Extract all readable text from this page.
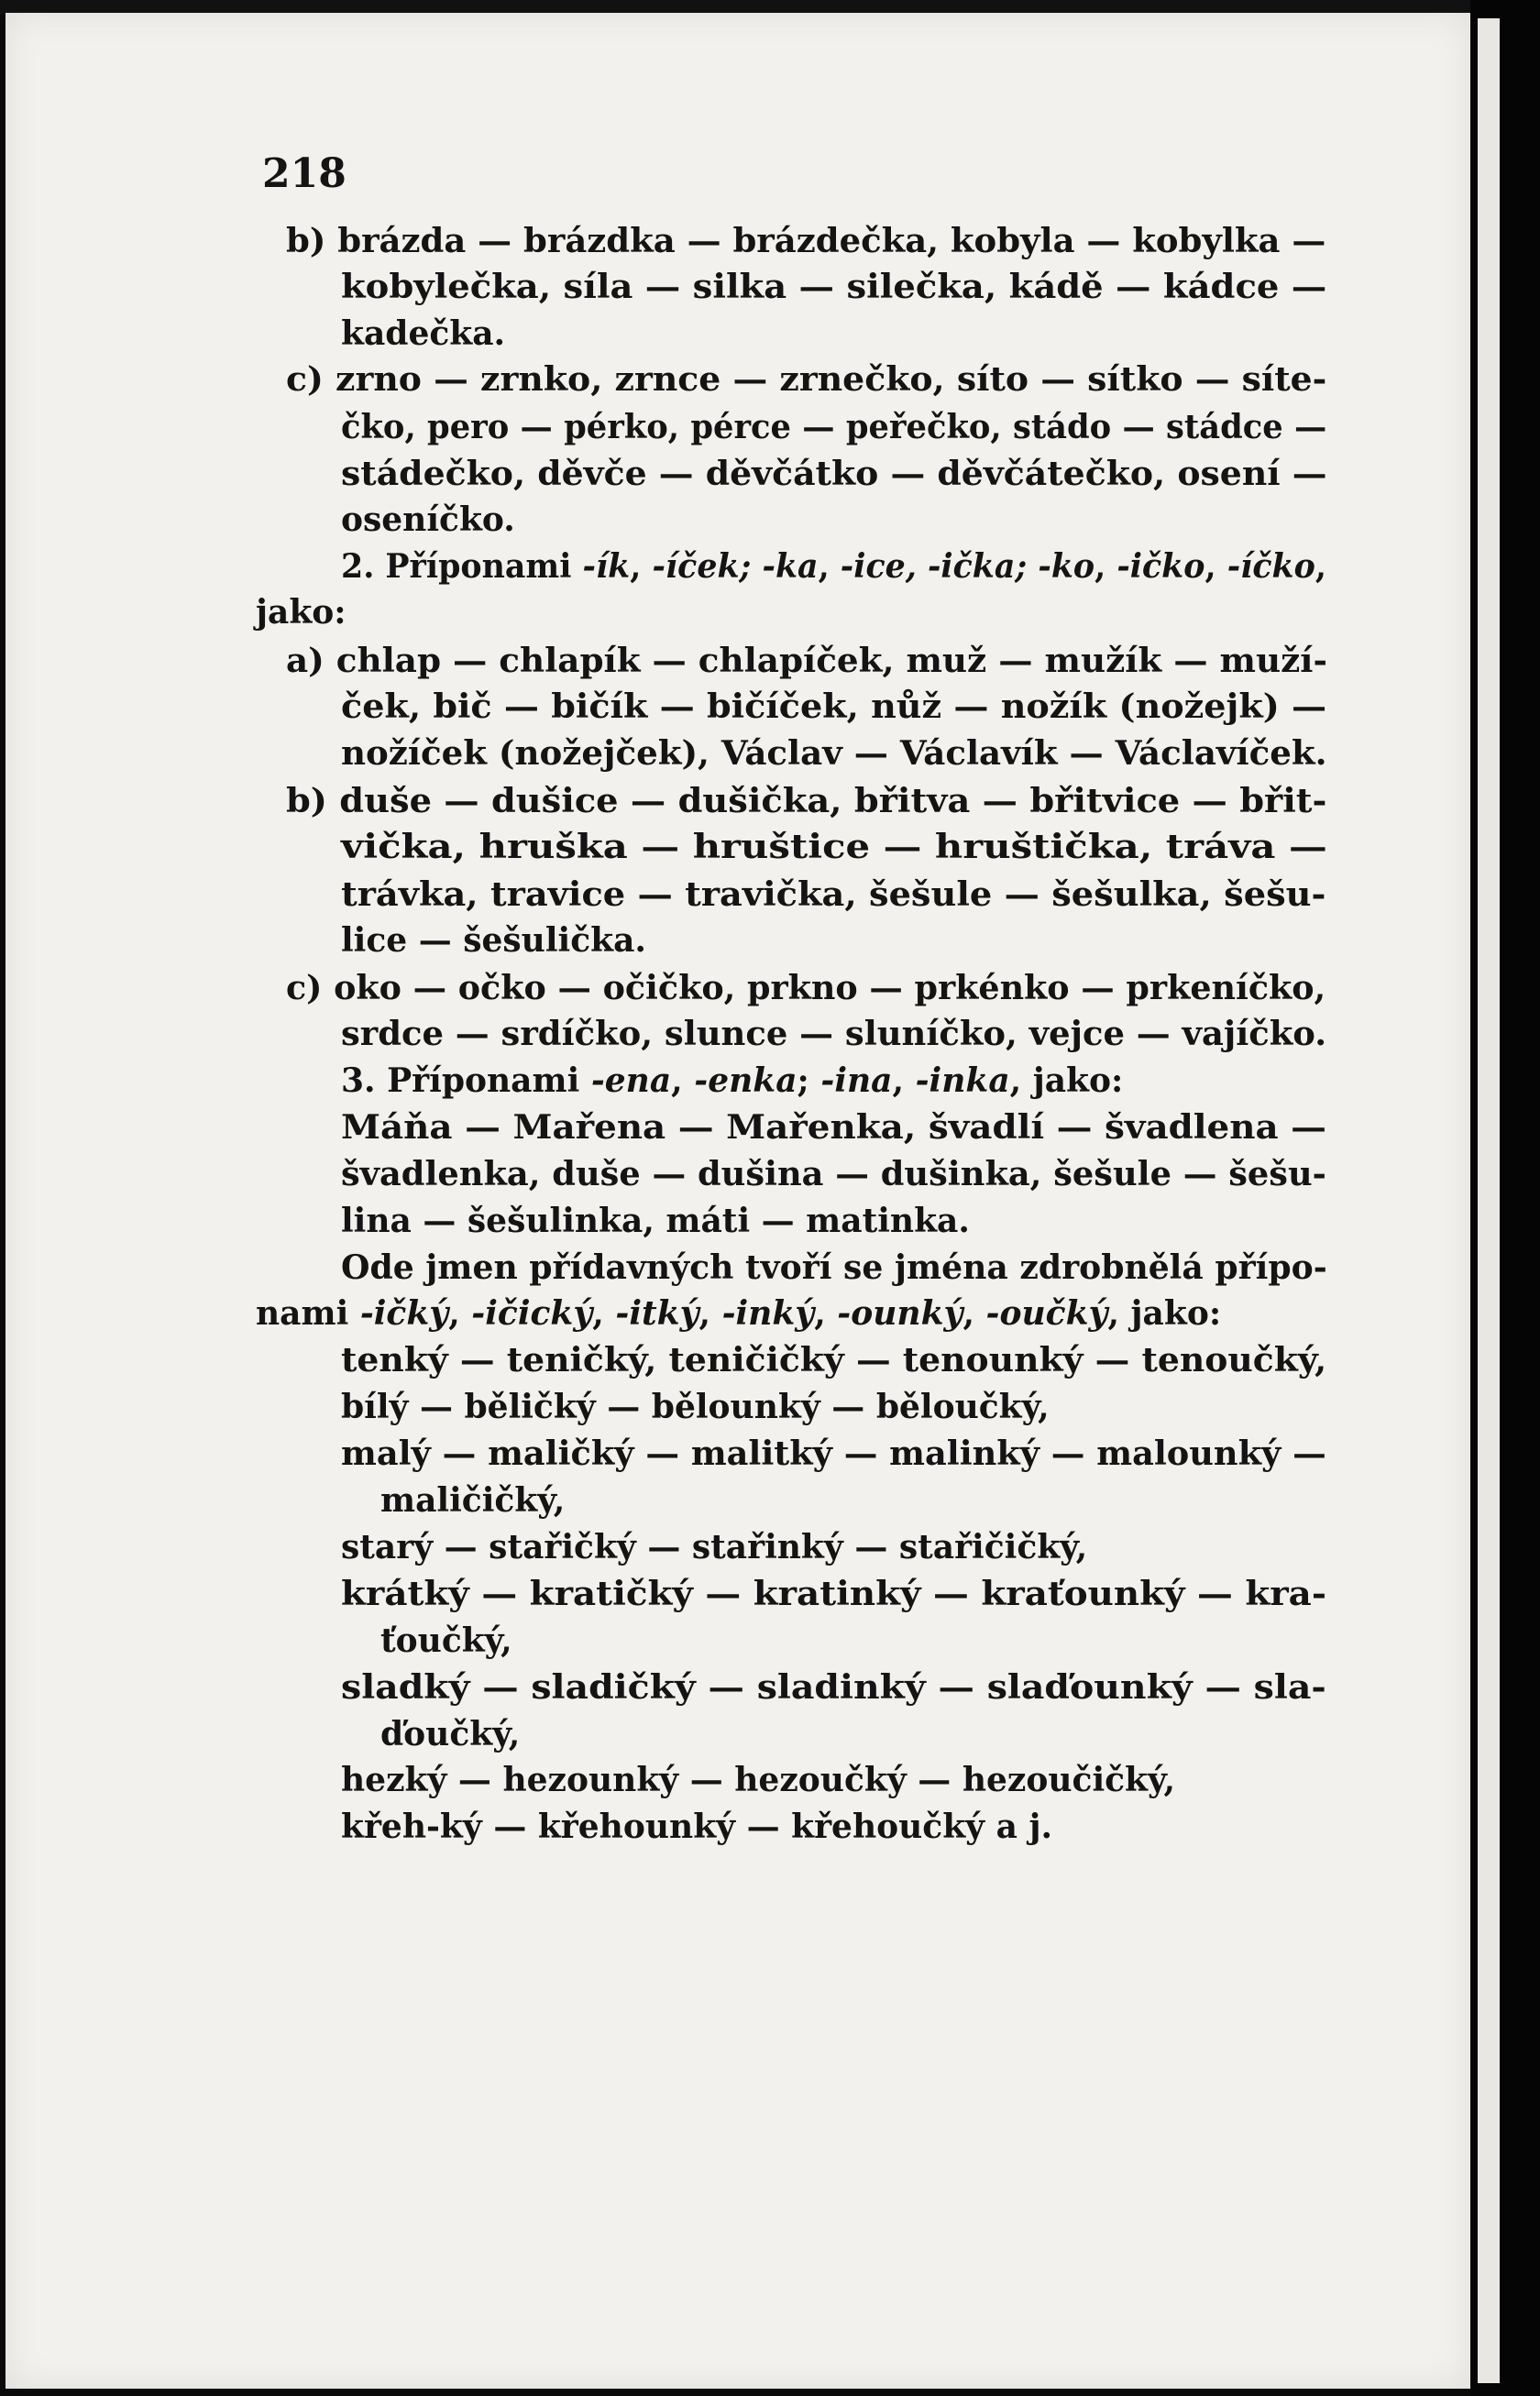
218
b) brázda — brázdka — brázdečka, kobyla — kobylka —
kobylečka, síla — silka — silečka, kádě — kádce —
kadečka.
c) zrno — zrnko, zrnce — zrnečko, síto — sítko — síte-
čko, pero — pérko, pérce — peřečko, stádo — stádce —
stádečko, děvče — děvčátko — děvčátečko, osení —
oseníčko.
2. Příponami -ík, -íček; -ka, -ice, -ička; -ko, -ičko, -íčko,
jako:
a) chlap — chlapík — chlapíček, muž — mužík — muží-
ček, bič — bičík — bičíček, nůž — nožík (nožejk) —
nožíček (nožejček), Václav — Václavík — Václavíček.
b) duše — dušice — dušička, břitva — břitvice — břit-
vička, hruška — hruštice — hruštička, tráva —
trávka, travice — travička, šešule — šešulka, šešu-
lice — šešulička.
c) oko — očko — očičko, prkno — prkénko — prkeníčko,
srdce — srdíčko, slunce — sluníčko, vejce — vajíčko.
3. Příponami -ena, -enka; -ina, -inka, jako:
Máňa — Mařena — Mařenka, švadlí — švadlena —
švadlenka, duše — dušina — dušinka, šešule — šešu-
lina — šešulinka, máti — matinka.
Ode jmen přídavných tvoří se jména zdrobnělá přípo-
nami -ičký, -ičický, -itký, -inký, -ounký, -oučký, jako:
tenký — teničký, teničičký — tenounký — tenoučký,
bílý — běličký — bělounký — běloučký,
malý — maličký — malitký — malinký — malounký —
maličičký,
starý — stařičký — stařinký — stařičičký,
krátký — kratičký — kratinký — kraťounký — kra-
ťoučký,
sladký — sladičký — sladinký — slaďounký — sla-
ďoučký,
hezký — hezounký — hezoučký — hezoučičký,
křeh-ký — křehounký — křehoučký a j.
